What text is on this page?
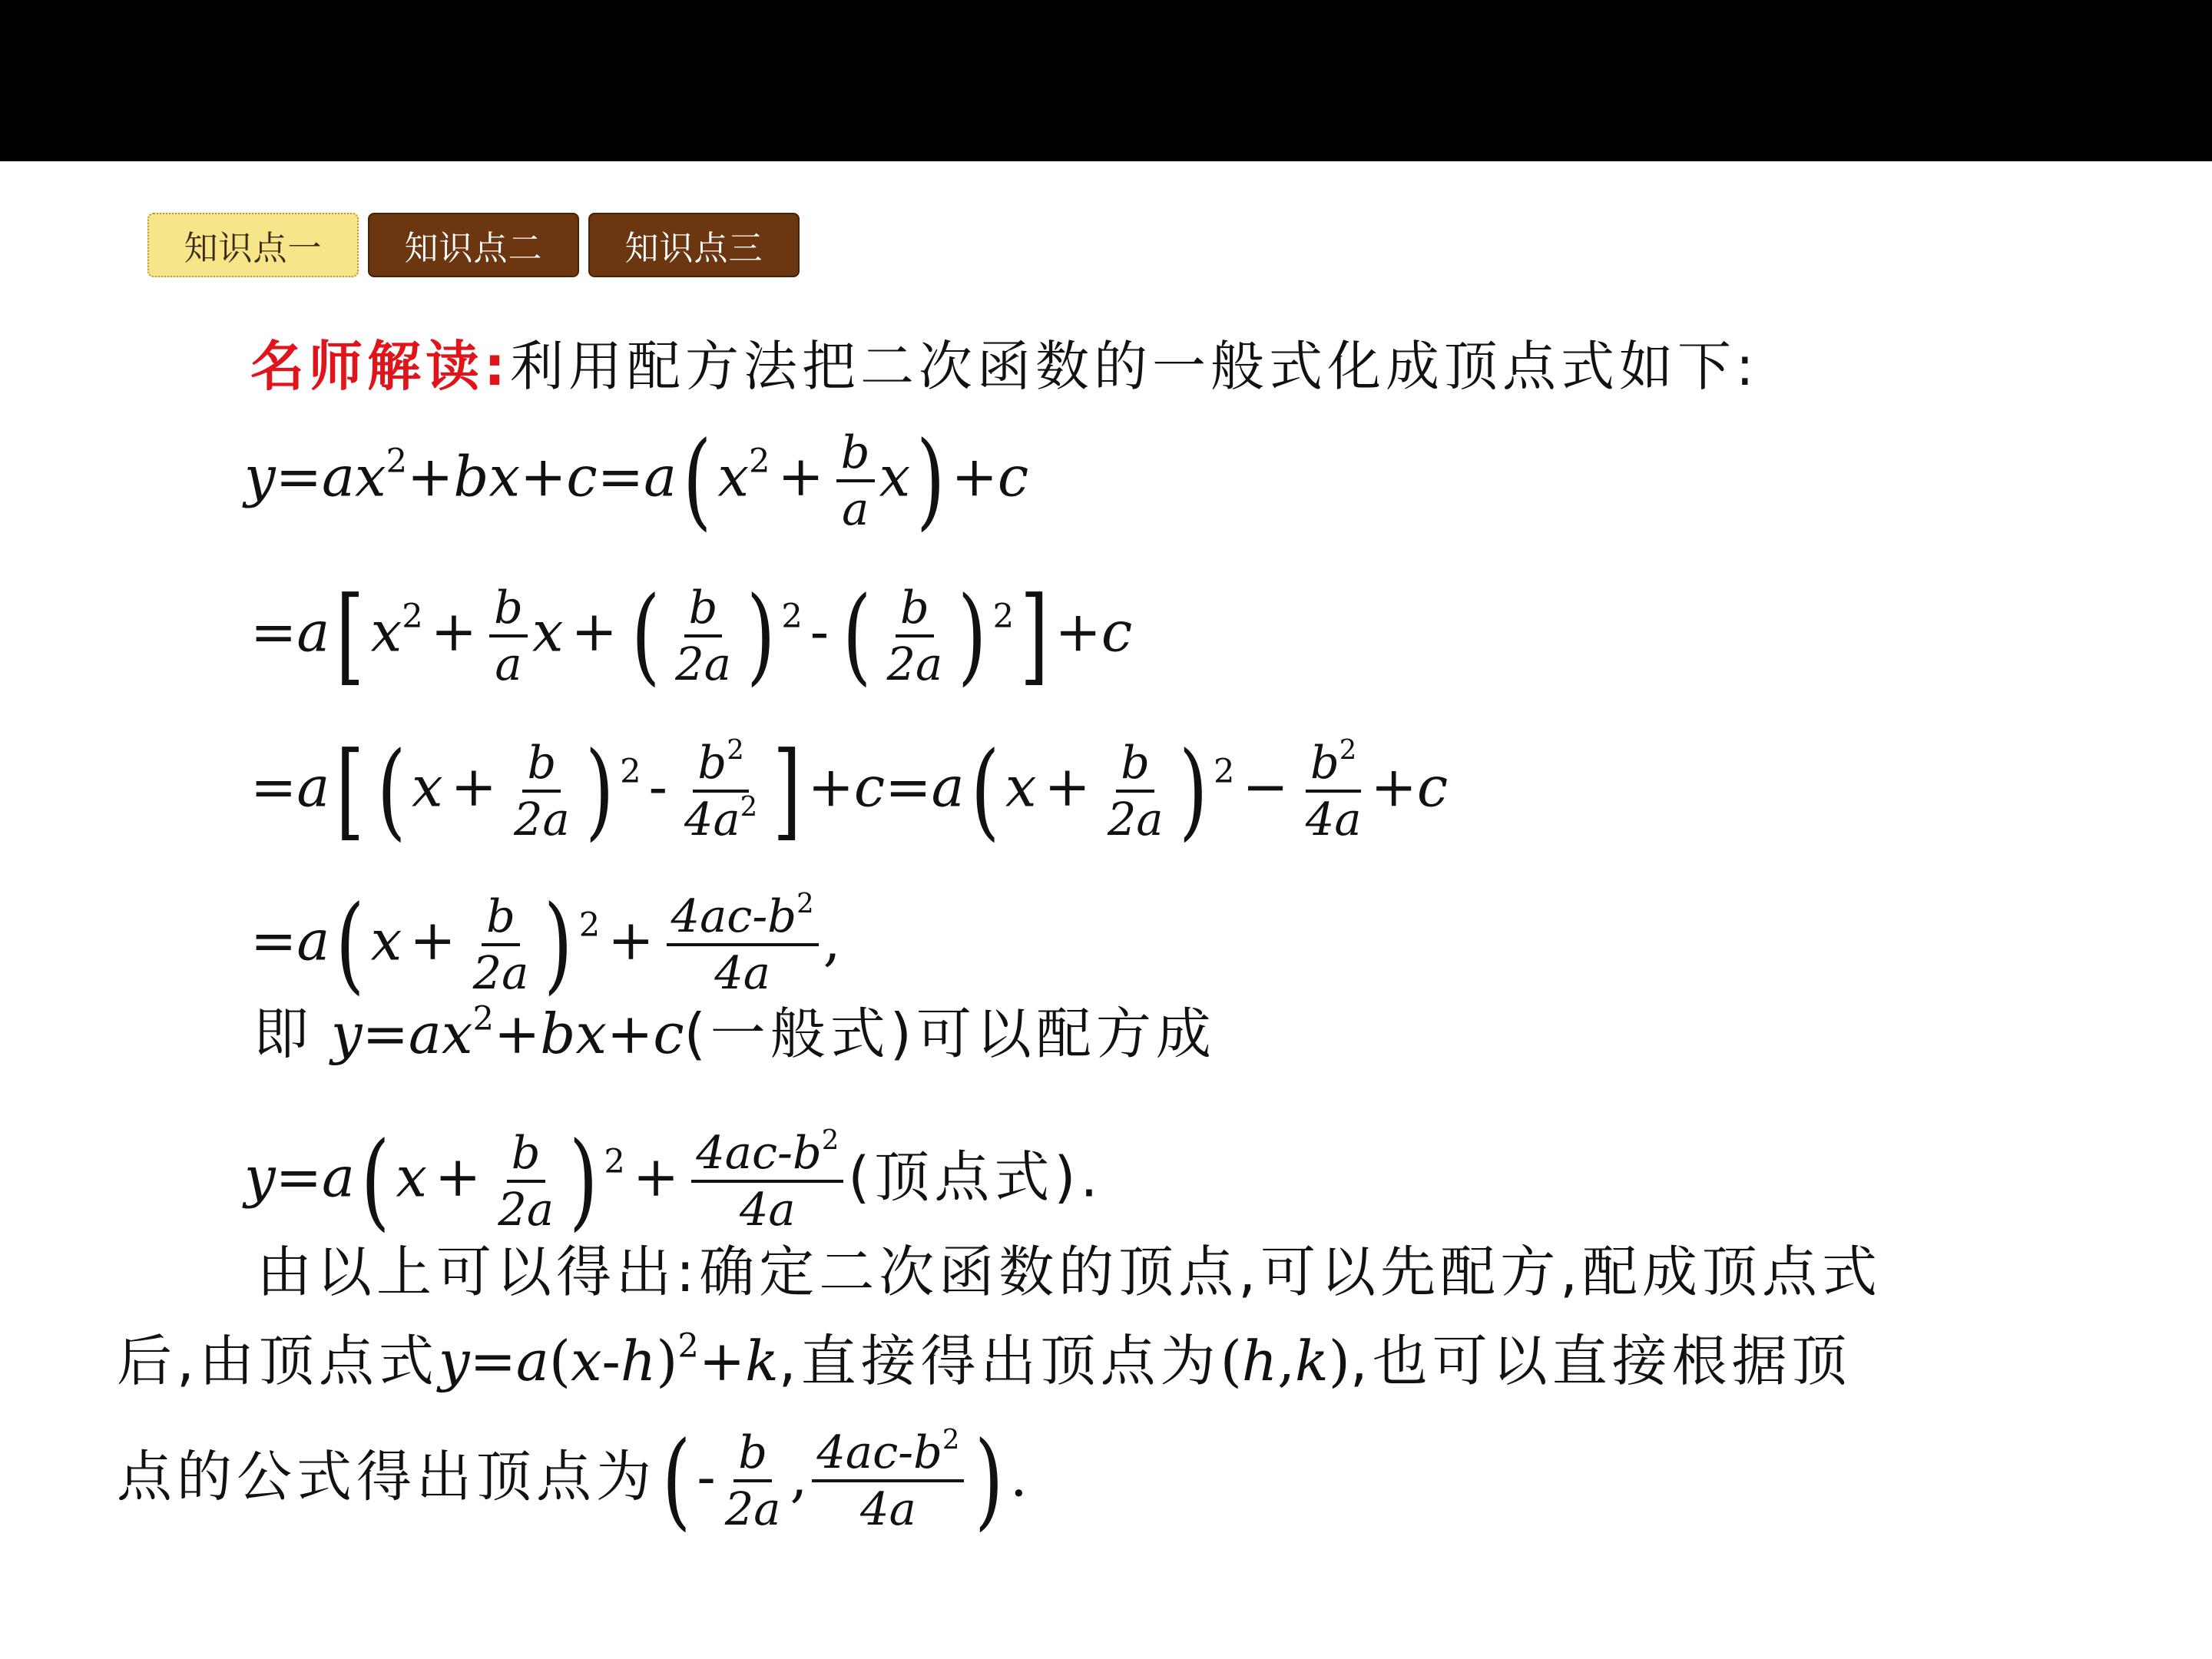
知识点一	知识点二	知识点三
名师解读:利用配方法把二次函数的一般式化成顶点式如下:
$y=ax^2+bx+c=a$( $x^2 + \frac{b}{a} x) +c$
=a[ $x^2 + \frac{b}{a}$ x + ( $\frac{b}{2a}$ ) $^2$ - ( $\frac{b}{2a}$ ) $^2$] +c
=a[ ( $x + \frac{b}{2a}$ ) $^2 - \frac{b^2}{4a^2}$ ] +c=a( $x + \frac{b}{2a}$ ) $^2 - \frac{b^2}{4a} +c$
=a( $x + \frac{b}{2a}$ ) $^2 + \frac{4ac-b^2}{4a}$ ,
即 $y=ax^2+bx+c$(一般式)可以配方成
y=a( $x + \frac{b}{2a}$ ) $^2 + \frac{4ac-b^2}{4a}$ (顶点式).
由以上可以得出:确定二次函数的顶点,可以先配方,配成顶点式
后,由顶点式$y=a(x-h)^2+k$,直接得出顶点为(h,k),也可以直接根据顶
点的公式得出顶点为( - $\frac{b}{2a}$ , $\frac{4ac-b^2}{4a}$ ) .
